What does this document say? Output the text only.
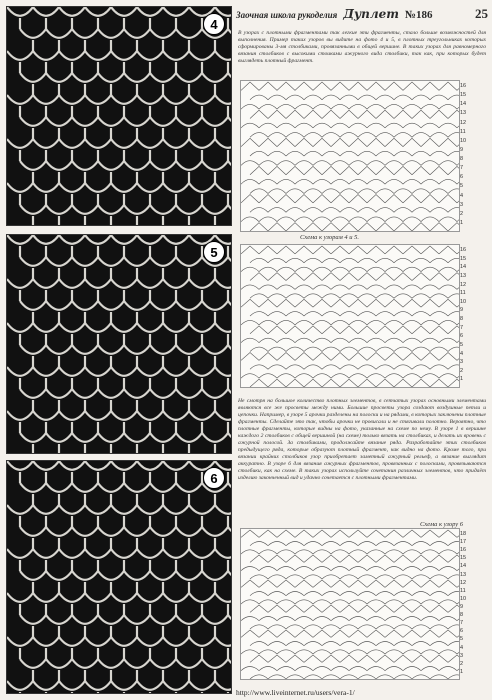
Заочная школа рукоделия Дуплет №186	25
4
5
6
В узорах с плотными фрагментами так легкие эти фрагменты, стало больше возможностей для выполнения. Пример таких узоров вы видите на фото 4 и 5, в плотных треугольниках которых сформированы 3-мя столбиками, провязанными в общей вершине. В таких узорах для равномерного вязания столбиков с высокими стоиками ажурного вида столбики, так как, при которых будет выглядеть плотный фрагмент.
16
15
14
13
12
11
10
9
8
7
6
5
4
3
2
1
Схема к узорам 4 и 5.
16
15
14
13
12
11
10
9
8
7
6
5
4
3
2
1
Не смотря на большое количество плотных элементов, в сетчатых узорах основными элементами являются все же просветы между ними. Большие просветы узора создают воздушные петли и цепочки. Например, в узоре 5 арочки разделены на полоски и на рядами, в которых заключены плотные фрагменты. Сделайте это так, чтобы арочки не провисали и не стягивали полотно. Вероятно, что плотные фрагменты, которые видны на фото, указанные на схеме по нему. В узоре 1 в вершине каждого 2 столбиков с общей вершиной (на схеме) только вязать на столбиках, и делать их вровень с ажурной полосой. За столбиками, продолжайте вязание ряда. Разработайте этих столбиков предыдущего ряда, которые образуют плотный фрагмент, как видно на фото. Кроме того, при вязании крайних столбиков узор приобретает заметный ажурный рельеф, а вязание выглядит аккуратно. В узоре 6 для вязания ажурных фрагментов, провязанных с полосками, провязываются столбики, как на схеме. В таких узорах используйте сочетания различных элементов, что придаёт изделию законченный вид и удачно сочетается с плотными фрагментами.
Схема к узору 6
18
17
16
15
14
13
12
11
10
9
8
7
6
5
4
3
2
1
http://www.liveinternet.ru/users/vera-1/
